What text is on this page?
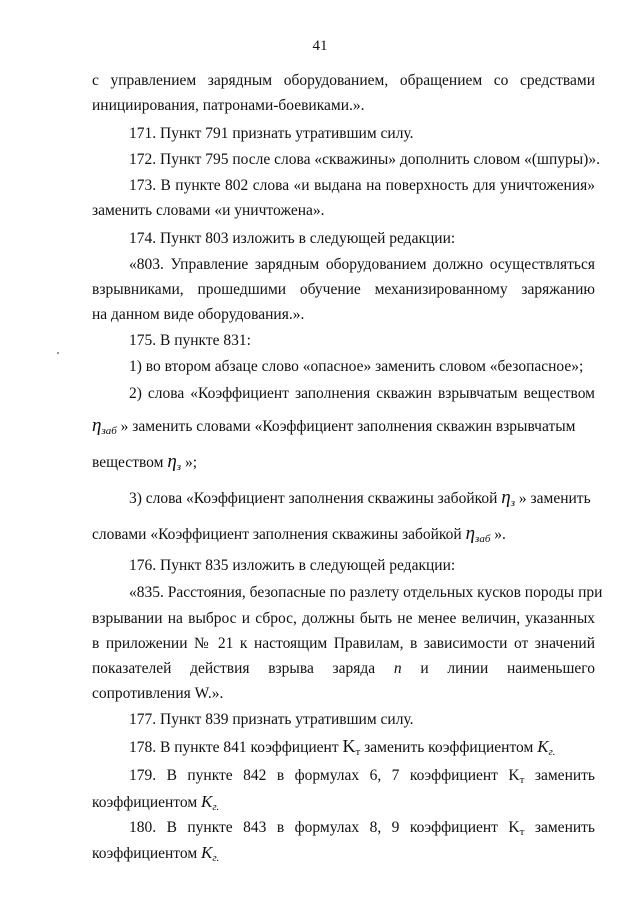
41
с управлением зарядным оборудованием, обращением со средствами
инициирования, патронами-боевиками.».
171. Пункт 791 признать утратившим силу.
172. Пункт 795 после слова «скважины» дополнить словом «(шпуры)».
173. В пункте 802 слова «и выдана на поверхность для уничтожения»
заменить словами «и уничтожена».
174. Пункт 803 изложить в следующей редакции:
«803. Управление зарядным оборудованием должно осуществляться
взрывниками, прошедшими обучение механизированному заряжанию
на данном виде оборудования.».
175. В пункте 831:
1) во втором абзаце слово «опасное» заменить словом «безопасное»;
2) слова «Коэффициент заполнения скважин взрывчатым веществом
ηзаб » заменить словами «Коэффициент заполнения скважин взрывчатым
веществом ηз »;
3) слова «Коэффициент заполнения скважины забойкой ηз » заменить
словами «Коэффициент заполнения скважины забойкой ηзаб ».
176. Пункт 835 изложить в следующей редакции:
«835. Расстояния, безопасные по разлету отдельных кусков породы при
взрывании на выброс и сброс, должны быть не менее величин, указанных
в приложении № 21 к настоящим Правилам, в зависимости от значений
показателей действия взрыва заряда n и линии наименьшего
сопротивления W.».
177. Пункт 839 признать утратившим силу.
178. В пункте 841 коэффициент Kт заменить коэффициентом Kг.
179. В пункте 842 в формулах 6, 7 коэффициент Kт заменить
коэффициентом Kг.
180. В пункте 843 в формулах 8, 9 коэффициент Kт заменить
коэффициентом Kг.
